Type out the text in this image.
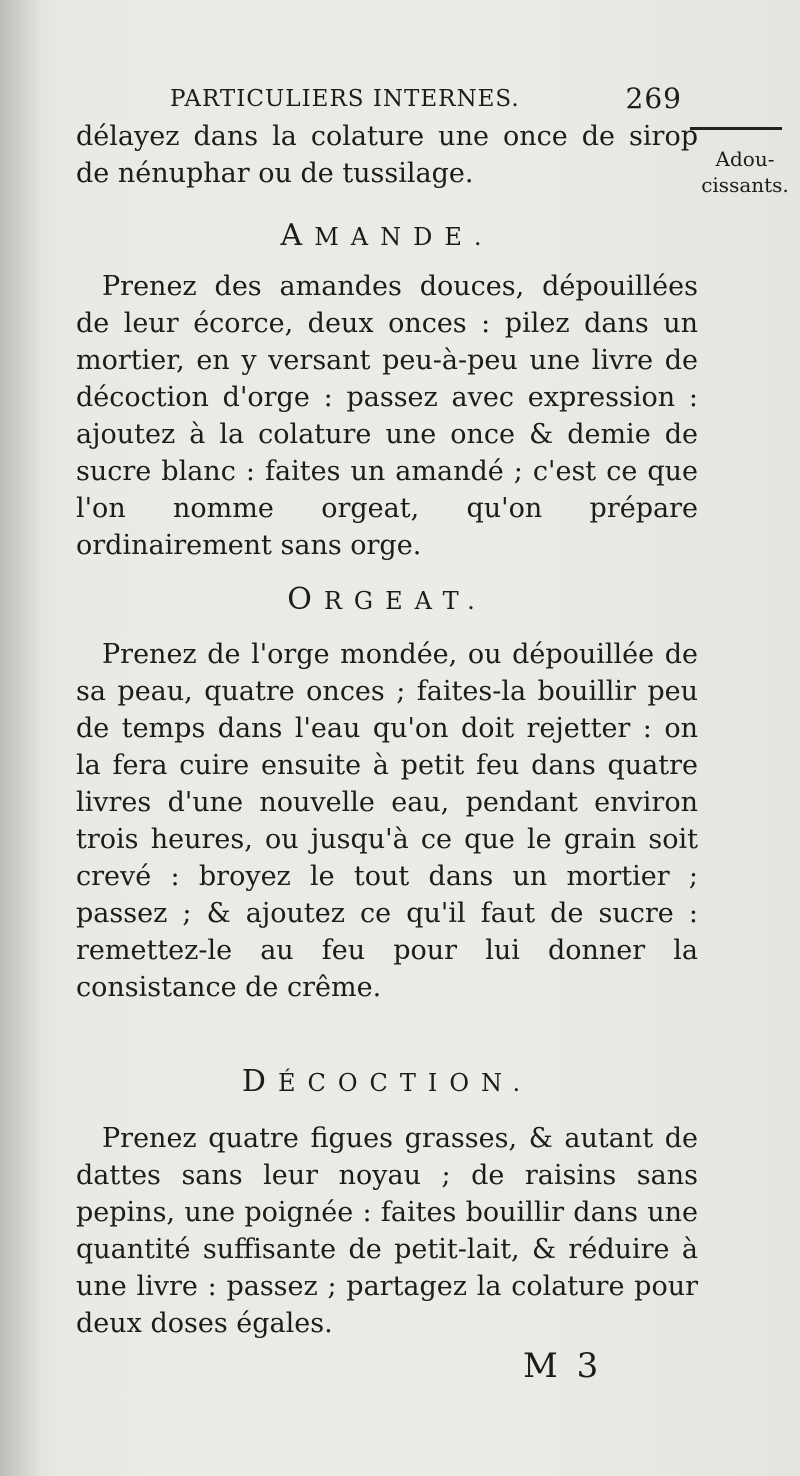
PARTICULIERS INTERNES.	269
Adou-
cissants.

délayez dans la colature une once de sirop de nénuphar ou de tussilage.

AMANDE.

Prenez des amandes douces, dépouillées de leur écorce, deux onces : pilez dans un mortier, en y versant peu-à-peu une livre de décoction d'orge : passez avec expression : ajoutez à la colature une once & demie de sucre blanc : faites un amandé ; c'est ce que l'on nomme orgeat, qu'on prépare ordinairement sans orge.

ORGEAT.

Prenez de l'orge mondée, ou dépouillée de sa peau, quatre onces ; faites-la bouillir peu de temps dans l'eau qu'on doit rejetter : on la fera cuire ensuite à petit feu dans quatre livres d'une nouvelle eau, pendant environ trois heures, ou jusqu'à ce que le grain soit crevé : broyez le tout dans un mortier ; passez ; & ajoutez ce qu'il faut de sucre : remettez-le au feu pour lui donner la consistance de crême.

DÉCOCTION.

Prenez quatre figues grasses, & autant de dattes sans leur noyau ; de raisins sans pepins, une poignée : faites bouillir dans une quantité suffisante de petit-lait, & réduire à une livre : passez ; partagez la colature pour deux doses égales.

M 3
